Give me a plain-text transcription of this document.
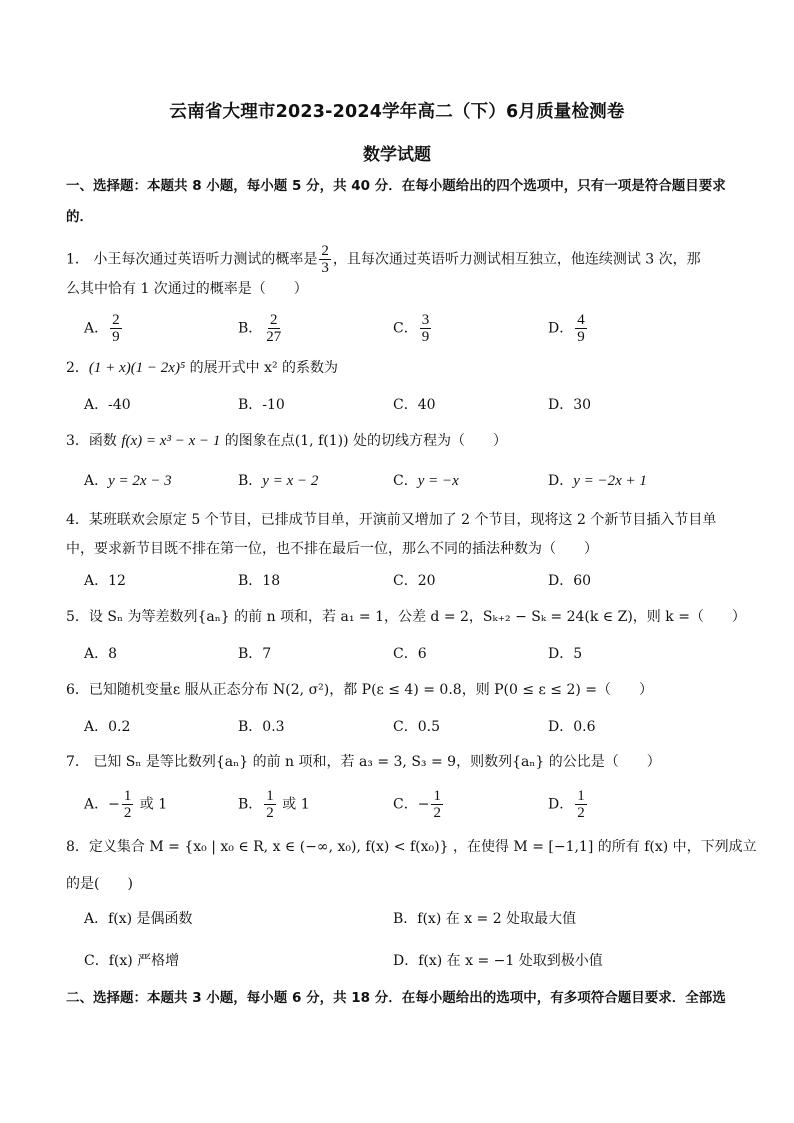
云南省大理市2023-2024学年高二（下）6月质量检测卷
数学试题
一、选择题：本题共 8 小题，每小题 5 分，共 40 分．在每小题给出的四个选项中，只有一项是符合题目要求
的．
1． 小王每次通过英语听力测试的概率是 $\frac{2}{3}$ ，且每次通过英语听力测试相互独立，他连续测试 3 次，那
么其中恰有 1 次通过的概率是（　　）
A． $\frac{2}{9}$	B． $\frac{2}{27}$	C． $\frac{3}{9}$	D． $\frac{4}{9}$
2．(1 + x)(1 − 2x)⁵ 的展开式中 x² 的系数为
A．-40	B．-10	C．40	D．30
3．函数 f(x) = x³ − x − 1 的图象在点(1, f(1)) 处的切线方程为（　　）
A．y = 2x − 3	B．y = x − 2	C．y = −x	D．y = −2x + 1
4．某班联欢会原定 5 个节目，已排成节目单，开演前又增加了 2 个节目，现将这 2 个新节目插入节目单
中，要求新节目既不排在第一位，也不排在最后一位，那么不同的插法种数为（　　）
A．12	B．18	C．20	D．60
5．设 Sₙ 为等差数列{aₙ} 的前 n 项和，若 a₁ = 1，公差 d = 2，Sₖ₊₂ − Sₖ = 24(k ∈ Z)，则 k =（　　）
A．8	B．7	C．6	D．5
6．已知随机变量ε 服从正态分布 N(2, σ²)，都 P(ε ≤ 4) = 0.8，则 P(0 ≤ ε ≤ 2) =（　　）
A．0.2	B．0.3	C．0.5	D．0.6
7． 已知 Sₙ 是等比数列{aₙ} 的前 n 项和，若 a₃ = 3, S₃ = 9，则数列{aₙ} 的公比是（　　）
A．− $\frac{1}{2}$ 或 1	B． $\frac{1}{2}$ 或 1	C．− $\frac{1}{2}$	D． $\frac{1}{2}$
8．定义集合 M = {x₀ | x₀ ∈ R, x ∈ (−∞, x₀), f(x) < f(x₀)} ，在使得 M = [−1,1] 的所有 f(x) 中，下列成立
的是(　　)
A．f(x) 是偶函数	B．f(x) 在 x = 2 处取最大值
C．f(x) 严格增	D．f(x) 在 x = −1 处取到极小值
二、选择题：本题共 3 小题，每小题 6 分，共 18 分．在每小题给出的选项中，有多项符合题目要求．全部选
